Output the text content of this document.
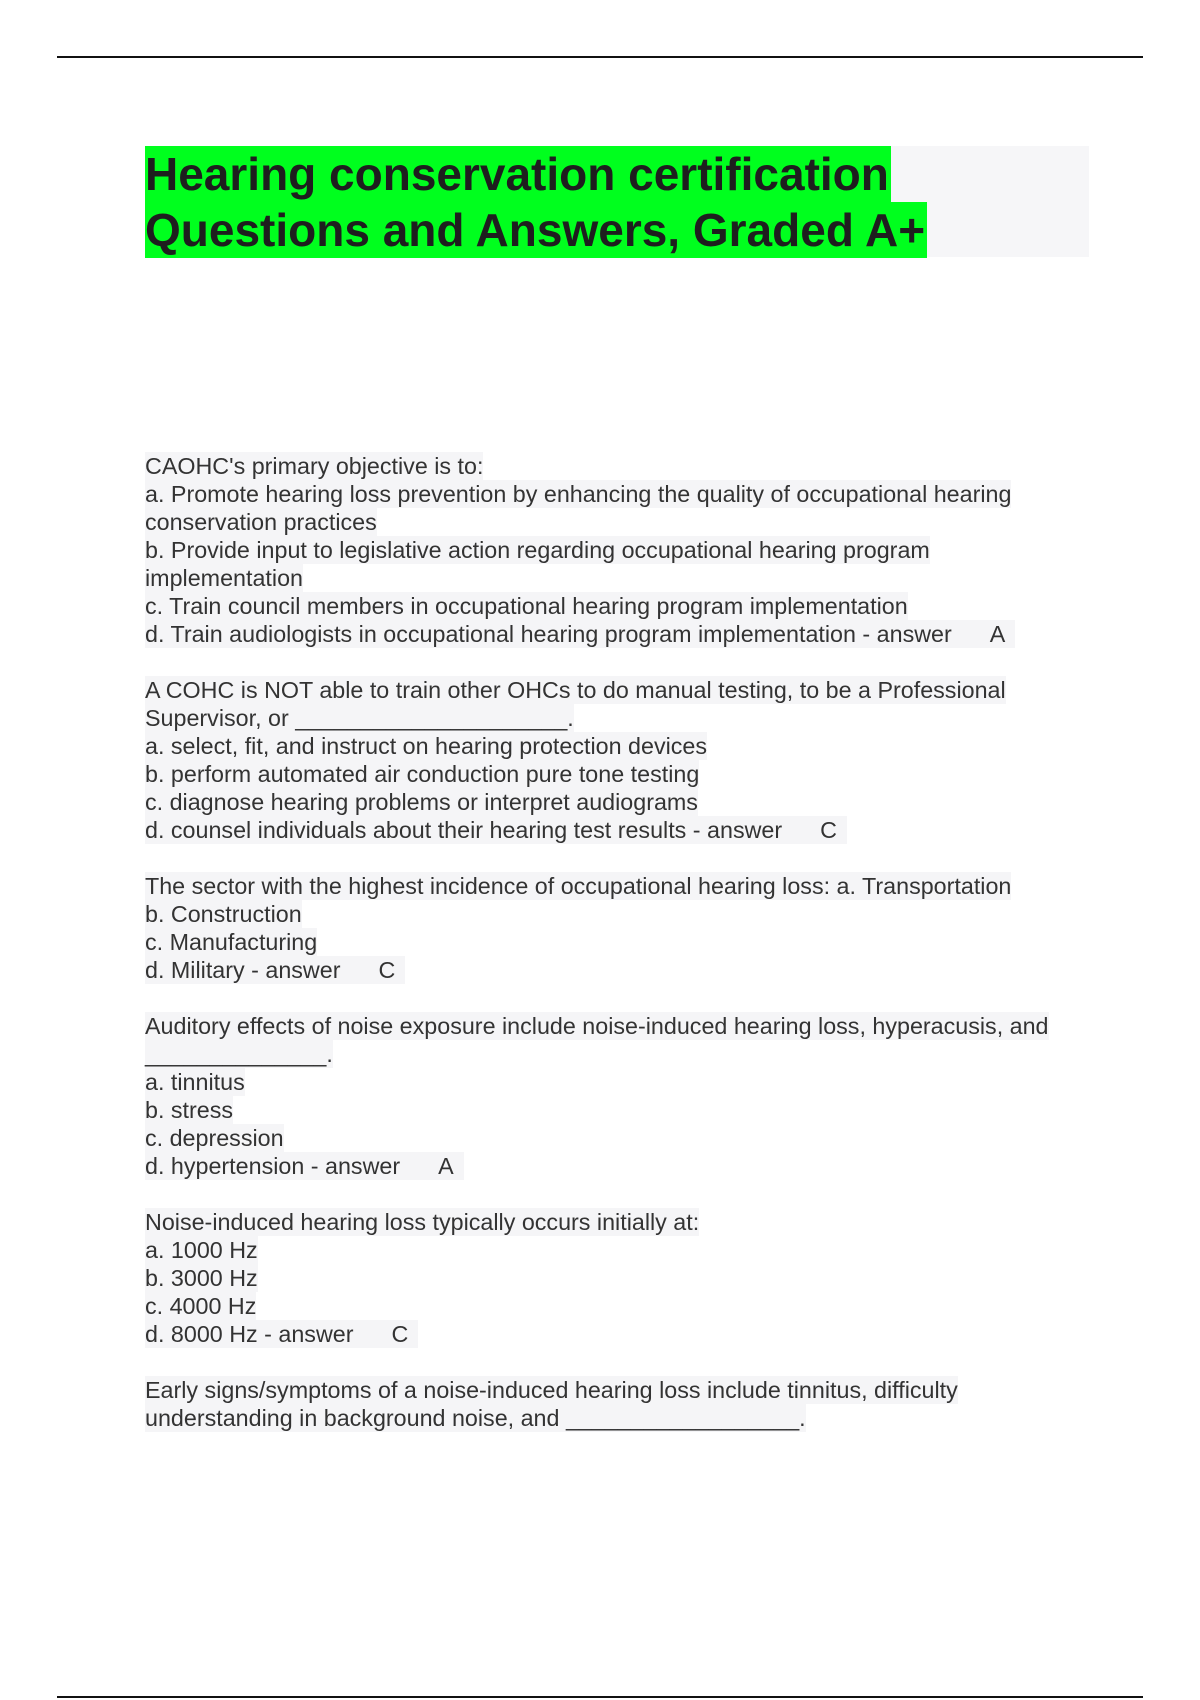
Hearing conservation certification
Questions and Answers, Graded A+
CAOHC's primary objective is to:
a. Promote hearing loss prevention by enhancing the quality of occupational hearing
conservation practices
b. Provide input to legislative action regarding occupational hearing program
implementation
c. Train council members in occupational hearing program implementation
d. Train audiologists in occupational hearing program implementation - answer A
A COHC is NOT able to train other OHCs to do manual testing, to be a Professional
Supervisor, or _____________________.
a. select, fit, and instruct on hearing protection devices
b. perform automated air conduction pure tone testing
c. diagnose hearing problems or interpret audiograms
d. counsel individuals about their hearing test results - answer C
The sector with the highest incidence of occupational hearing loss: a. Transportation
b. Construction
c. Manufacturing
d. Military - answer C
Auditory effects of noise exposure include noise-induced hearing loss, hyperacusis, and
______________.
a. tinnitus
b. stress
c. depression
d. hypertension - answer A
Noise-induced hearing loss typically occurs initially at:
a. 1000 Hz
b. 3000 Hz
c. 4000 Hz
d. 8000 Hz - answer C
Early signs/symptoms of a noise-induced hearing loss include tinnitus, difficulty
understanding in background noise, and __________________.
